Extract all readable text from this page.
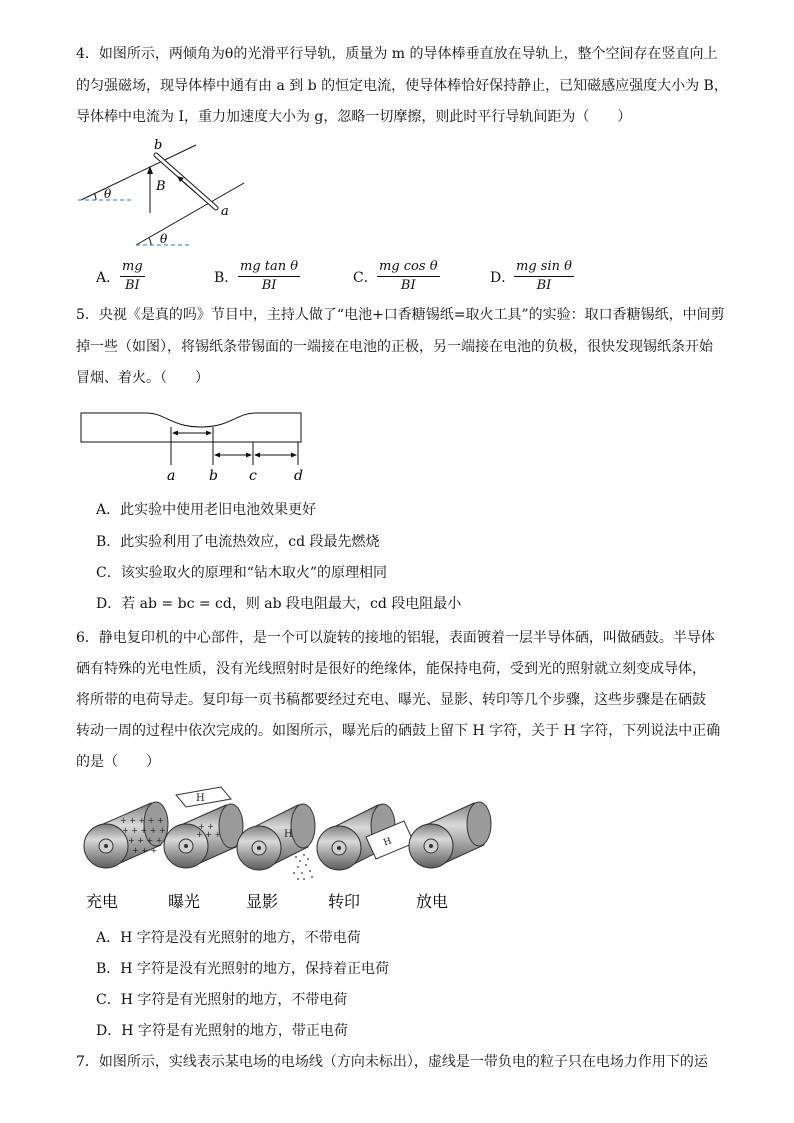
4．如图所示，两倾角为θ的光滑平行导轨，质量为 m 的导体棒垂直放在导轨上，整个空间存在竖直向上
的匀强磁场，现导体棒中通有由 a 到 b 的恒定电流，使导体棒恰好保持静止，已知磁感应强度大小为 B，
导体棒中电流为 I，重力加速度大小为 g，忽略一切摩擦，则此时平行导轨间距为（　　）
b
a
B
θ
θ
A． $\frac{mg}{BI}$	B． $\frac{\text{mg tan θ}}{BI}$	C． $\frac{\text{mg cos θ}}{BI}$	D．
$\frac{\text{mg sin θ}}{BI}$
5．央视《是真的吗》节目中，主持人做了“电池+口香糖锡纸=取火工具”的实验：取口香糖锡纸，中间剪
掉一些（如图），将锡纸条带锡面的一端接在电池的正极，另一端接在电池的负极，很快发现锡纸条开始
冒烟、着火。（　　）
a b c	d
A．此实验中使用老旧电池效果更好
B．此实验利用了电流热效应，cd 段最先燃烧
C．该实验取火的原理和“钻木取火”的原理相同
D．若 ab = bc = cd，则 ab 段电阻最大，cd 段电阻最小
6．静电复印机的中心部件，是一个可以旋转的接地的铝辊，表面镀着一层半导体硒，叫做硒鼓。半导体
硒有特殊的光电性质，没有光线照射时是很好的绝缘体，能保持电荷，受到光的照射就立刻变成导体，
将所带的电荷导走。复印每一页书稿都要经过充电、曝光、显影、转印等几个步骤，这些步骤是在硒鼓
转动一周的过程中依次完成的。如图所示，曝光后的硒鼓上留下 H 字符，关于 H 字符，下列说法中正确
的是（　　）
+ + + + +
+ + + + +
+ + + +
+ + +
H
+ +
+ + +	H
H
充电	曝光	显影	转印	放电
A．H 字符是没有光照射的地方，不带电荷
B．H 字符是没有光照射的地方，保持着正电荷
C．H 字符是有光照射的地方，不带电荷
D．H 字符是有光照射的地方，带正电荷
7．如图所示，实线表示某电场的电场线（方向未标出），虚线是一带负电的粒子只在电场力作用下的运
